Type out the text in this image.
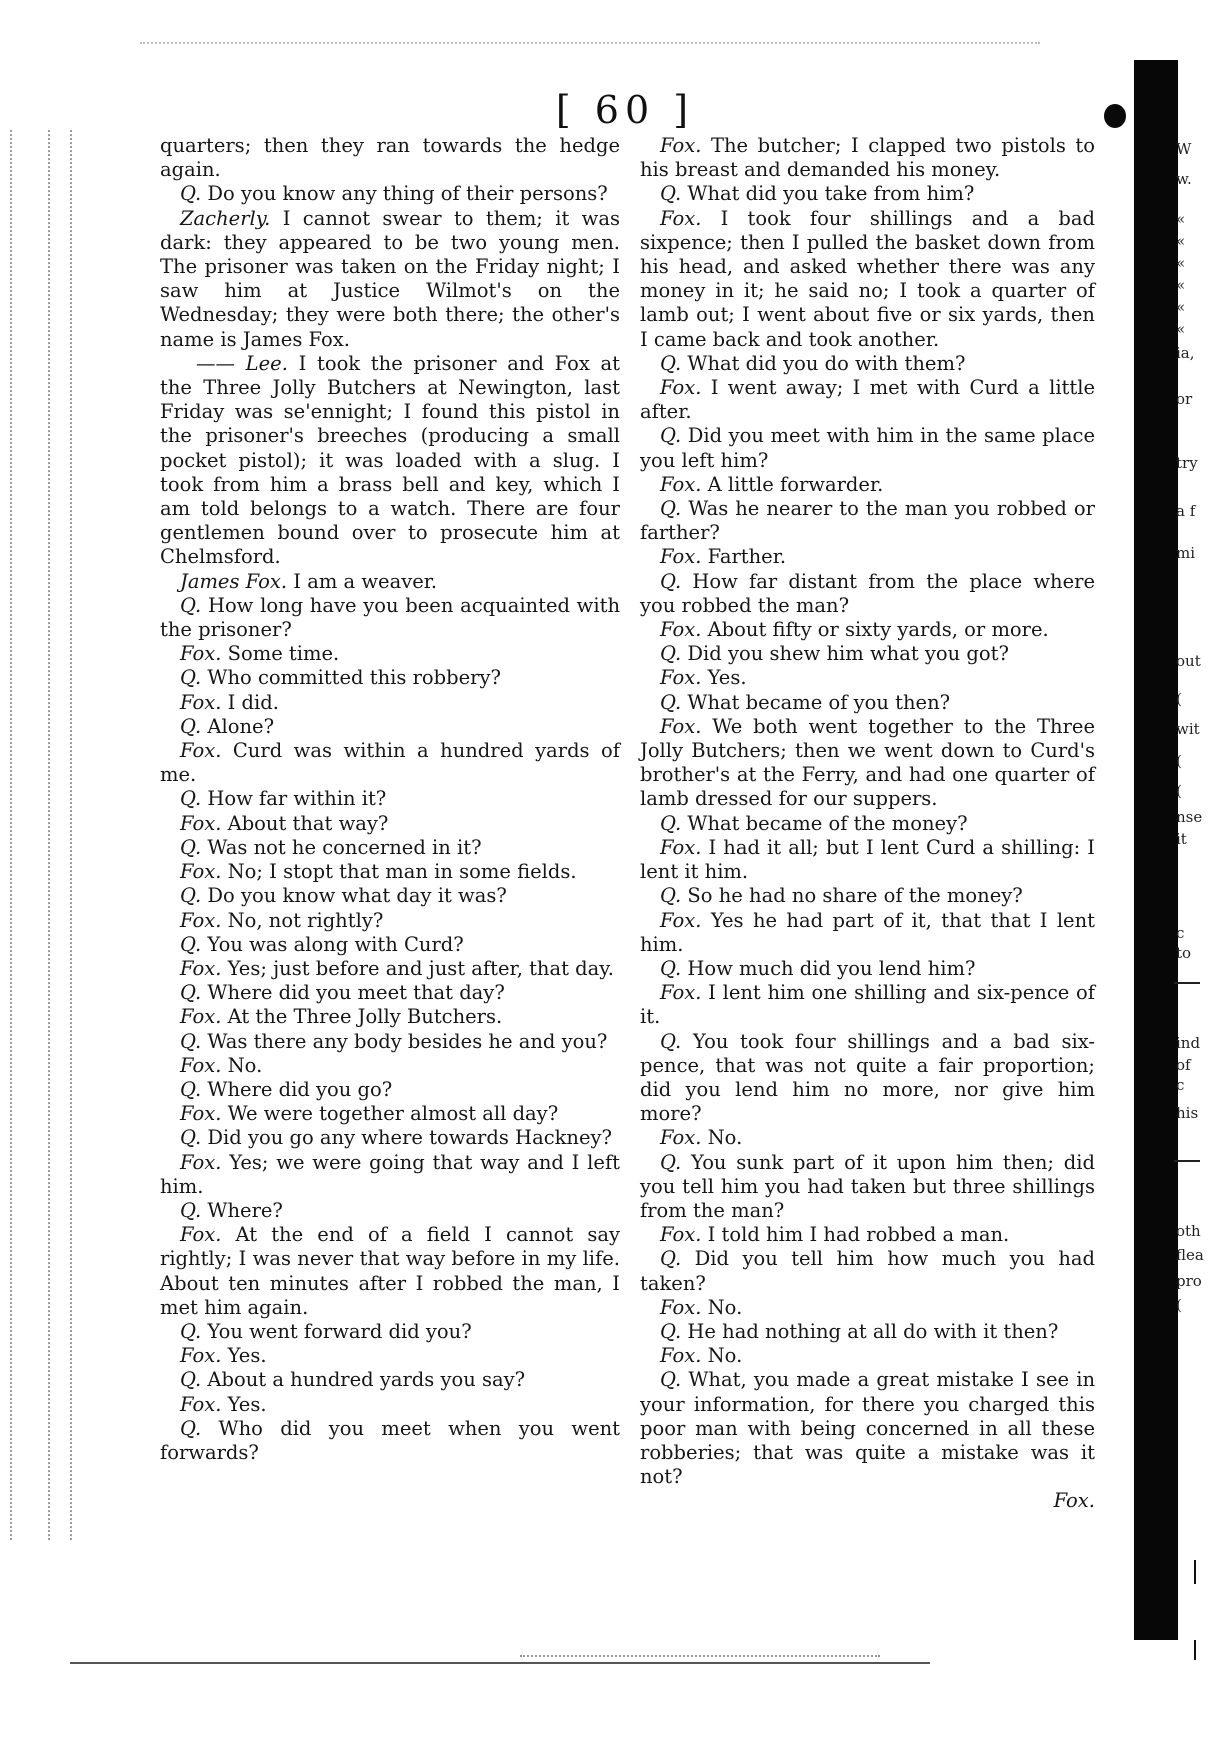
[ 60 ]

quarters; then they ran towards the hedge again.

Q. Do you know any thing of their persons?

Zacherly. I cannot swear to them; it was dark: they appeared to be two young men. The prisoner was taken on the Friday night; I saw him at Justice Wilmot's on the Wednesday; they were both there; the other's name is James Fox.

—— Lee. I took the prisoner and Fox at the Three Jolly Butchers at Newington, last Friday was se'ennight; I found this pistol in the prisoner's breeches (producing a small pocket pistol); it was loaded with a slug. I took from him a brass bell and key, which I am told belongs to a watch. There are four gentlemen bound over to prosecute him at Chelmsford.

James Fox. I am a weaver.

Q. How long have you been acquainted with the prisoner?

Fox. Some time.

Q. Who committed this robbery?

Fox. I did.

Q. Alone?

Fox. Curd was within a hundred yards of me.

Q. How far within it?

Fox. About that way?

Q. Was not he concerned in it?

Fox. No; I stopt that man in some fields.

Q. Do you know what day it was?

Fox. No, not rightly?

Q. You was along with Curd?

Fox. Yes; just before and just after, that day.

Q. Where did you meet that day?

Fox. At the Three Jolly Butchers.

Q. Was there any body besides he and you?

Fox. No.

Q. Where did you go?

Fox. We were together almost all day?

Q. Did you go any where towards Hackney?

Fox. Yes; we were going that way and I left him.

Q. Where?

Fox. At the end of a field I cannot say rightly; I was never that way before in my life. About ten minutes after I robbed the man, I met him again.

Q. You went forward did you?

Fox. Yes.

Q. About a hundred yards you say?

Fox. Yes.

Q. Who did you meet when you went forwards?

Fox. The butcher; I clapped two pistols to his breast and demanded his money.

Q. What did you take from him?

Fox. I took four shillings and a bad sixpence; then I pulled the basket down from his head, and asked whether there was any money in it; he said no; I took a quarter of lamb out; I went about five or six yards, then I came back and took another.

Q. What did you do with them?

Fox. I went away; I met with Curd a little after.

Q. Did you meet with him in the same place you left him?

Fox. A little forwarder.

Q. Was he nearer to the man you robbed or farther?

Fox. Farther.

Q. How far distant from the place where you robbed the man?

Fox. About fifty or sixty yards, or more.

Q. Did you shew him what you got?

Fox. Yes.

Q. What became of you then?

Fox. We both went together to the Three Jolly Butchers; then we went down to Curd's brother's at the Ferry, and had one quarter of lamb dressed for our suppers.

Q. What became of the money?

Fox. I had it all; but I lent Curd a shilling: I lent it him.

Q. So he had no share of the money?

Fox. Yes he had part of it, that that I lent him.

Q. How much did you lend him?

Fox. I lent him one shilling and six-pence of it.

Q. You took four shillings and a bad six-pence, that was not quite a fair proportion; did you lend him no more, nor give him more?

Fox. No.

Q. You sunk part of it upon him then; did you tell him you had taken but three shillings from the man?

Fox. I told him I had robbed a man.

Q. Did you tell him how much you had taken?

Fox. No.

Q. He had nothing at all do with it then?

Fox. No.

Q. What, you made a great mistake I see in your information, for there you charged this poor man with being concerned in all these robberies; that was quite a mistake was it not?

Fox.

W
w.
«
«
«
«
«
«
ia,
or
try
a f
mi
out
(
wit
(
(
nse
it
c
to
ind
of
c
his
oth
flea
pro
(
